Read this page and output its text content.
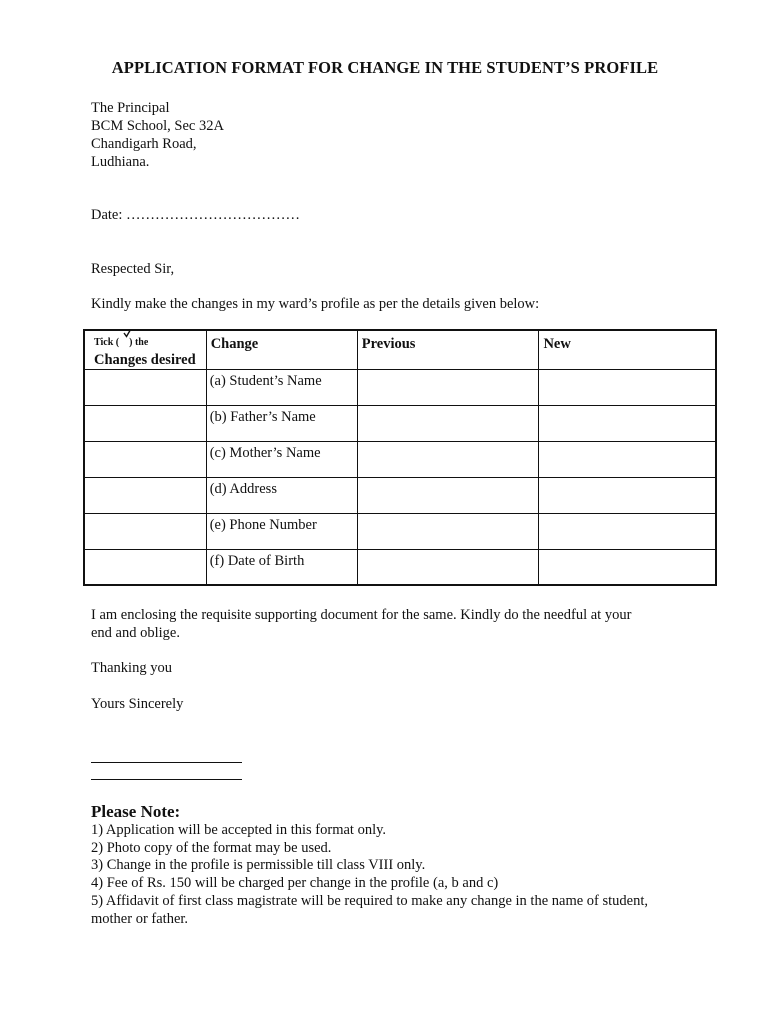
APPLICATION FORMAT FOR CHANGE IN THE STUDENT’S PROFILE
The Principal
BCM School, Sec 32A
Chandigarh Road,
Ludhiana.
Date: ………………………………
Respected Sir,
Kindly make the changes in my ward’s profile as per the details given below:
Tick ( ) the
Changes desired	Change	Previous	New

	(a) Student’s Name		

	(b) Father’s Name		

	(c) Mother’s Name		

	(d) Address		

	(e) Phone Number		

	(f) Date of Birth		

I am enclosing the requisite supporting document for the same. Kindly do the needful at your
end and oblige.
Thanking you
Yours Sincerely
Please Note:
1) Application will be accepted in this format only.
2) Photo copy of the format may be used.
3) Change in the profile is permissible till class VIII only.
4) Fee of Rs. 150 will be charged per change in the profile (a, b and c)
5) Affidavit of first class magistrate will be required to make any change in the name of student,
mother or father.
